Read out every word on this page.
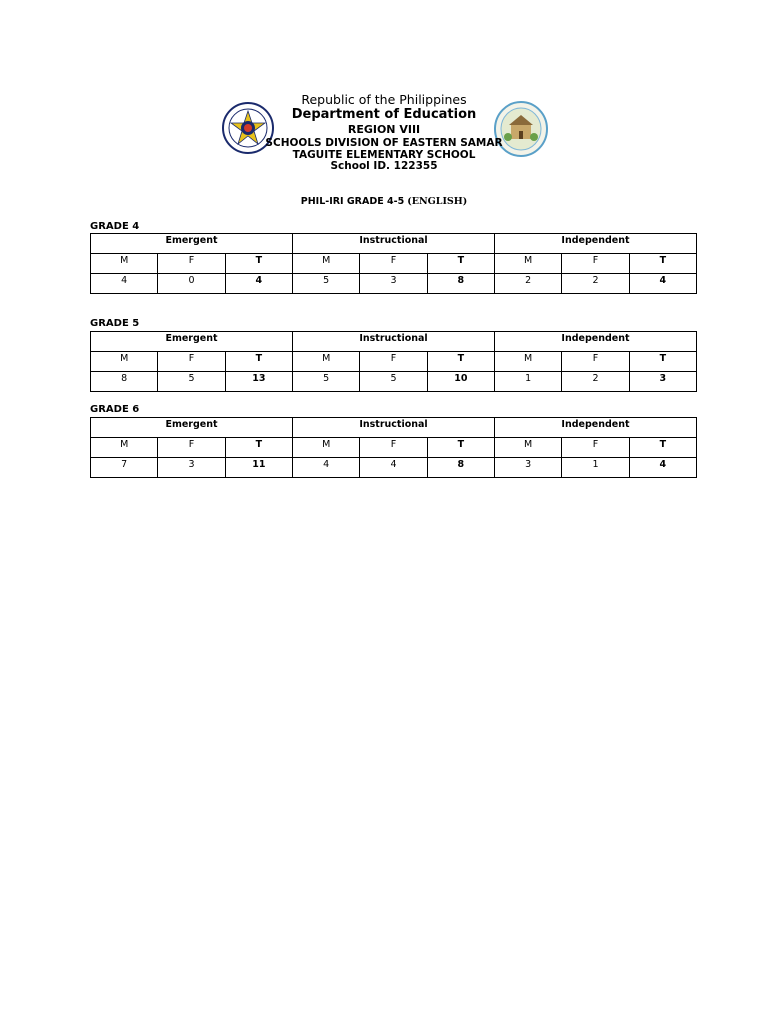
Republic of the Philippines
Department of Education
REGION VIII
SCHOOLS DIVISION OF EASTERN SAMAR
TAGUITE ELEMENTARY SCHOOL
School ID. 122355
PHIL-IRI GRADE 4-5 (ENGLISH)
GRADE 4
Emergent			Instructional			Independent		
M	F	T	M	F	T	M	F	T
4	0	4	5	3	8	2	2	4
GRADE 5
Emergent			Instructional			Independent		
M	F	T	M	F	T	M	F	T
8	5	13	5	5	10	1	2	3
GRADE 6
Emergent			Instructional			Independent		
M	F	T	M	F	T	M	F	T
7	3	11	4	4	8	3	1	4
